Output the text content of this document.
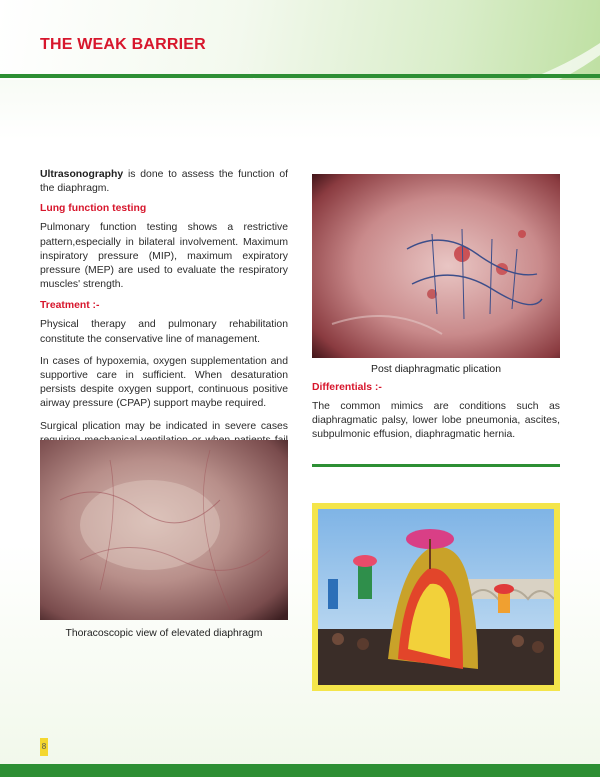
THE WEAK BARRIER

Ultrasonography is done to assess the function of the diaphragm.

Lung function testing

Pulmonary function testing shows a restrictive pattern,especially in bilateral involvement. Maximum inspiratory pressure (MIP), maximum expiratory pressure (MEP) are used to evaluate the respiratory muscles' strength.

Treatment :-

Physical therapy and pulmonary rehabilitation constitute the conservative line of management.

In cases of hypoxemia, oxygen supplementation and supportive care in sufficient. When desaturation persists despite oxygen support, continuous positive airway pressure (CPAP) support maybe required.

Surgical plication may be indicated in severe cases

Thoracoscopic view of elevated diaphragm
Post diaphragmatic plication
Differentials :-

The common mimics are conditions such as diaphragmatic palsy, lower lobe pneumonia, ascites, subpulmonic effusion, diaphragmatic hernia.

8
